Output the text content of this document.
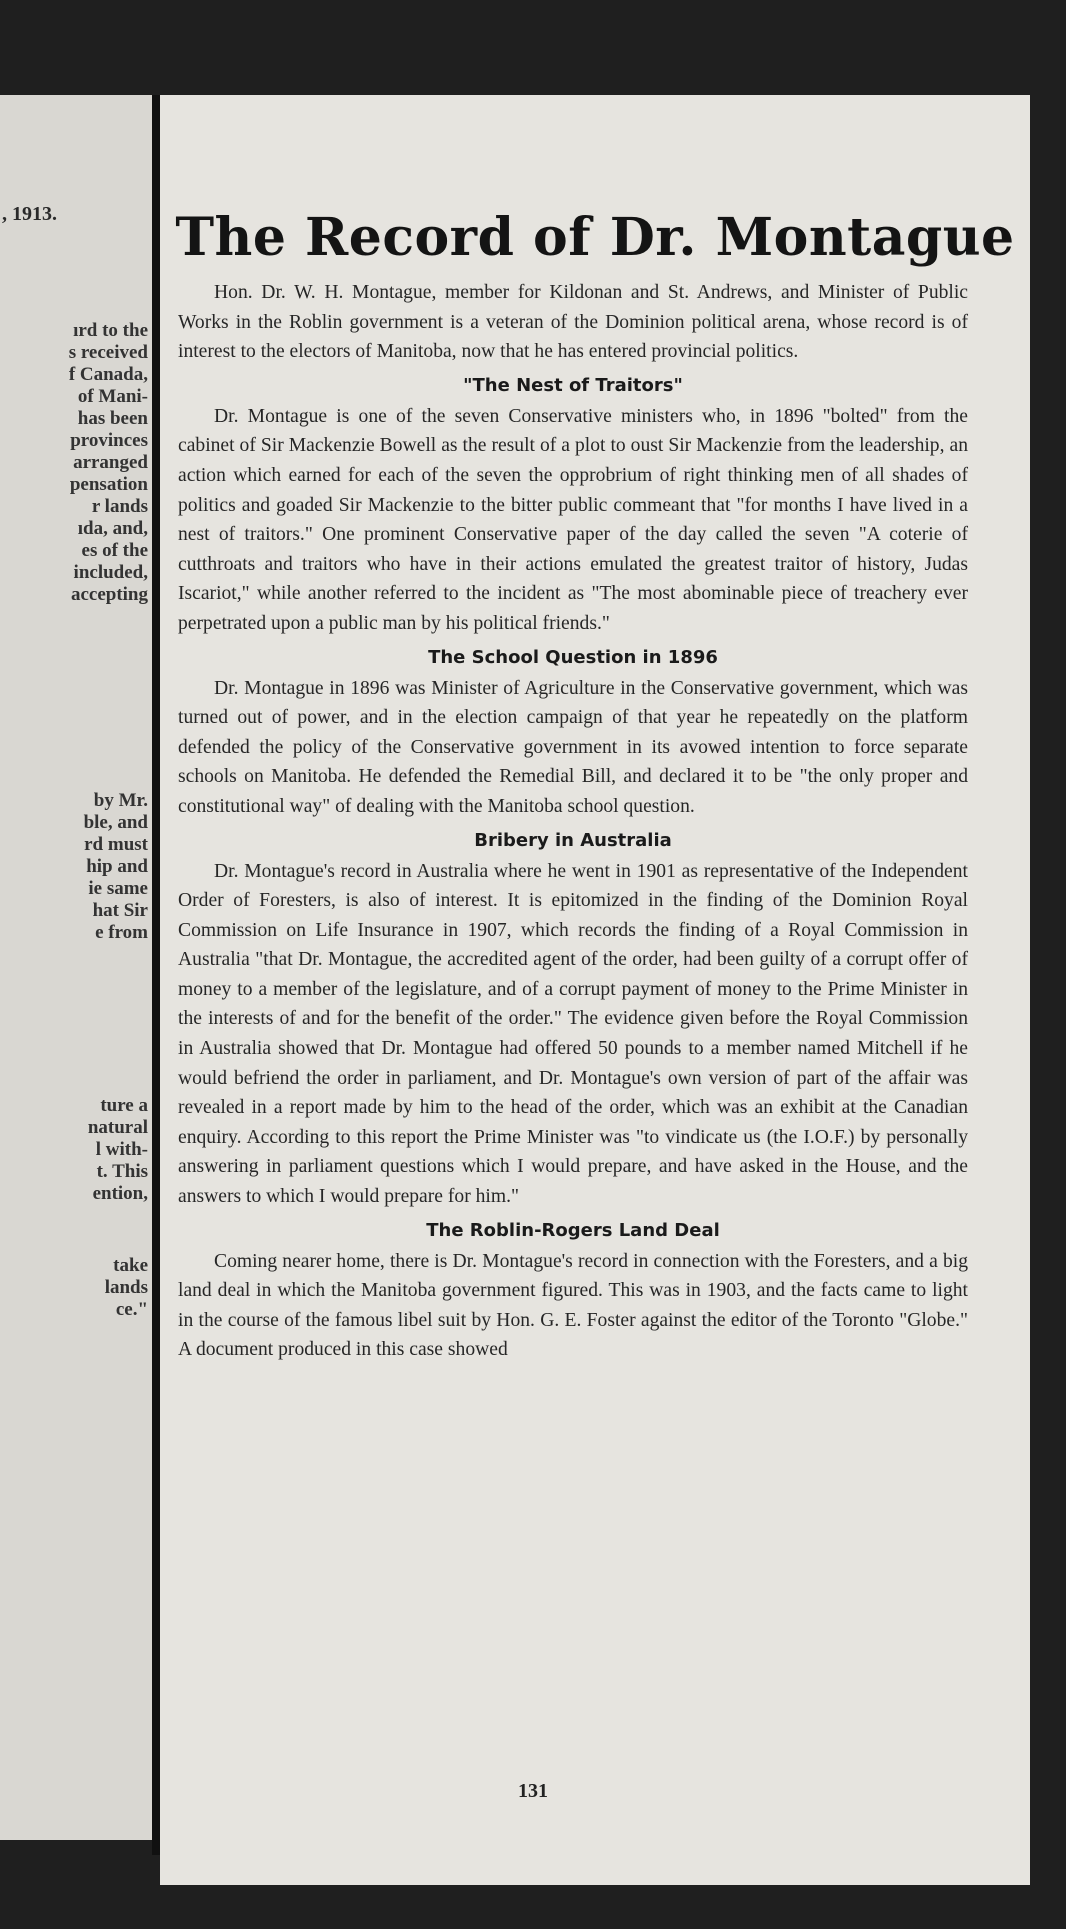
, 1913.
ırd to the
s received
f Canada,
of Mani-
has been
provinces
arranged
pensation
r lands
ıda, and,
es of the
included,
accepting
by Mr.
ble, and
rd must
hip and
ie same
hat Sir
e from
ture a
natural
l with-
t. This
ention,
take
lands
ce."
The Record of Dr. Montague

Hon. Dr. W. H. Montague, member for Kildonan and St. Andrews, and Minister of Public Works in the Roblin government is a veteran of the Dominion political arena, whose record is of interest to the electors of Manitoba, now that he has entered provincial politics.

"The Nest of Traitors"

Dr. Montague is one of the seven Conservative ministers who, in 1896 "bolted" from the cabinet of Sir Mackenzie Bowell as the result of a plot to oust Sir Mackenzie from the leadership, an action which earned for each of the seven the opprobrium of right thinking men of all shades of politics and goaded Sir Mackenzie to the bitter public commeant that "for months I have lived in a nest of traitors." One prominent Conservative paper of the day called the seven "A coterie of cutthroats and traitors who have in their actions emulated the greatest traitor of history, Judas Iscariot," while another referred to the incident as "The most abominable piece of treachery ever perpetrated upon a public man by his political friends."

The School Question in 1896

Dr. Montague in 1896 was Minister of Agriculture in the Conservative government, which was turned out of power, and in the election campaign of that year he repeatedly on the platform defended the policy of the Conservative government in its avowed intention to force separate schools on Manitoba. He defended the Remedial Bill, and declared it to be "the only proper and constitutional way" of dealing with the Manitoba school question.

Bribery in Australia

Dr. Montague's record in Australia where he went in 1901 as representative of the Independent Order of Foresters, is also of interest. It is epitomized in the finding of the Dominion Royal Commission on Life Insurance in 1907, which records the finding of a Royal Commission in Australia "that Dr. Montague, the accredited agent of the order, had been guilty of a corrupt offer of money to a member of the legislature, and of a corrupt payment of money to the Prime Minister in the interests of and for the benefit of the order." The evidence given before the Royal Commission in Australia showed that Dr. Montague had offered 50 pounds to a member named Mitchell if he would befriend the order in parliament, and Dr. Montague's own version of part of the affair was revealed in a report made by him to the head of the order, which was an exhibit at the Canadian enquiry. According to this report the Prime Minister was "to vindicate us (the I.O.F.) by personally answering in parliament questions which I would prepare, and have asked in the House, and the answers to which I would prepare for him."

The Roblin-Rogers Land Deal

Coming nearer home, there is Dr. Montague's record in connection with the Foresters, and a big land deal in which the Manitoba government figured. This was in 1903, and the facts came to light in the course of the famous libel suit by Hon. G. E. Foster against the editor of the Toronto "Globe." A document produced in this case showed

131
